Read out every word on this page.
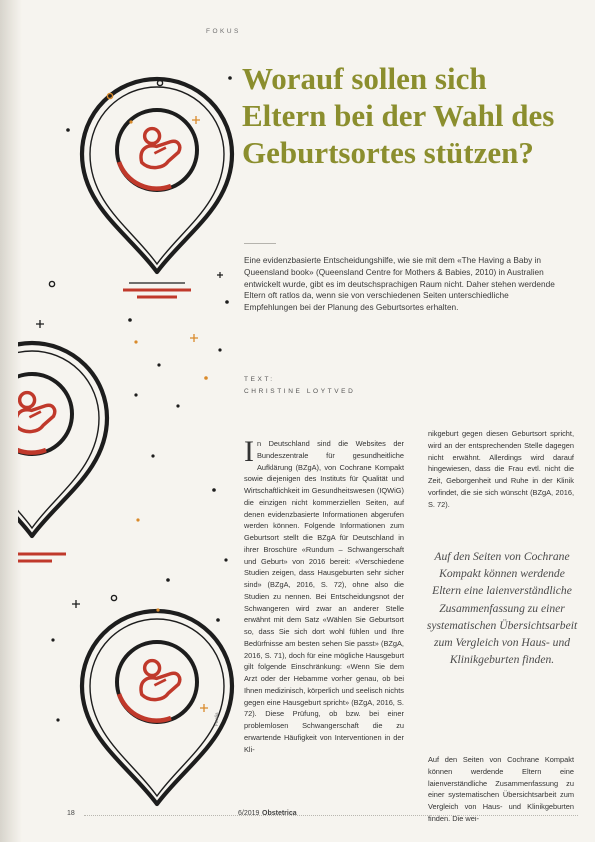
Fotolia
FOKUS
Worauf sollen sich
Eltern bei der Wahl des
Geburtsortes stützen?

Eine evidenzbasierte Entscheidungshilfe, wie sie mit dem «The Having a Baby in Queensland book» (Queensland Centre for Mothers & Babies, 2010) in Australien entwickelt wurde, gibt es im deutschsprachigen Raum nicht. Daher stehen werdende Eltern oft ratlos da, wenn sie von verschiedenen Seiten unterschiedliche Empfehlungen bei der Planung des Geburtsortes erhalten.

TEXT:
CHRISTINE LOYTVED

In Deutschland sind die Websites der Bundeszentrale für gesundheitliche Aufklärung (BZgA), von Cochrane Kompakt sowie diejenigen des Instituts für Qualität und Wirtschaftlichkeit im Gesundheitswesen (IQWiG) die einzigen nicht kommerziellen Seiten, auf denen evidenzbasierte Informationen abgerufen werden können. Folgende Informationen zum Geburtsort stellt die BZgA für Deutschland in ihrer Broschüre «Rundum – Schwangerschaft und Geburt» von 2016 bereit: «Verschiedene Studien zeigen, dass Hausgeburten sehr sicher sind» (BZgA, 2016, S. 72), ohne also die Studien zu nennen. Bei Entscheidungsnot der Schwangeren wird zwar an anderer Stelle erwähnt mit dem Satz «Wählen Sie Geburtsort so, dass Sie sich dort wohl fühlen und Ihre Bedürfnisse am besten sehen Sie passt» (BZgA, 2016, S. 71), doch für eine mögliche Hausgeburt gilt folgende Einschränkung: «Wenn Sie dem Arzt oder der Hebamme vorher genau, ob bei Ihnen medizinisch, körperlich und seelisch nichts gegen eine Hausgeburt spricht» (BZgA, 2016, S. 72). Diese Prüfung, ob bzw. bei einer problemlosen Schwangerschaft die zu erwartende Häufigkeit von Interventionen in der Kli-

nikgeburt gegen diesen Geburtsort spricht, wird an der entsprechenden Stelle dagegen nicht erwähnt. Allerdings wird darauf hingewiesen, dass die Frau evtl. nicht die Zeit, Geborgenheit und Ruhe in der Klinik vorfindet, die sie sich wünscht (BZgA, 2016, S. 72).

Auf den Seiten von Cochrane Kompakt können werdende Eltern eine laienverständliche Zusammenfassung zu einer systematischen Übersichtsarbeit zum Vergleich von Haus- und Klinikgeburten finden.

Auf den Seiten von Cochrane Kompakt können werdende Eltern eine laienverständliche Zusammenfassung zu einer systematischen Übersichtsarbeit zum Vergleich von Haus- und Klinikgeburten finden. Die wei-

18	6/2019 Obstetrica
